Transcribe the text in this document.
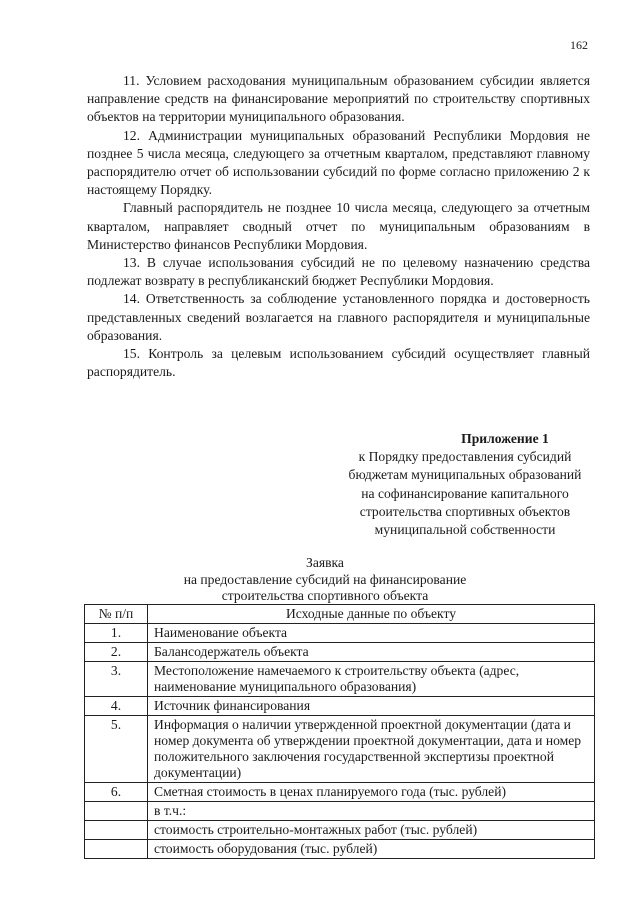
162

11. Условием расходования муниципальным образованием субсидии является направление средств на финансирование мероприятий по строительству спортивных объектов на территории муниципального образования.

12. Администрации муниципальных образований Республики Мордовия не позднее 5 числа месяца, следующего за отчетным кварталом, представляют главному распорядителю отчет об использовании субсидий по форме согласно приложению 2 к настоящему Порядку.

Главный распорядитель не позднее 10 числа месяца, следующего за отчетным кварталом, направляет сводный отчет по муниципальным образованиям в Министерство финансов Республики Мордовия.

13. В случае использования субсидий не по целевому назначению средства подлежат возврату в республиканский бюджет Республики Мордовия.

14. Ответственность за соблюдение установленного порядка и достоверность представленных сведений возлагается на главного распорядителя и муниципальные образования.

15. Контроль за целевым использованием субсидий осуществляет главный распорядитель.

Приложение 1
к Порядку предоставления субсидий
бюджетам муниципальных образований
на софинансирование капитального
строительства спортивных объектов
муниципальной собственности
Заявка
на предоставление субсидий на финансирование
строительства спортивного объекта
№ п/п	Исходные данные по объекту
1.	Наименование объекта
2.	Балансодержатель объекта
3.	Местоположение намечаемого к строительству объекта (адрес, наименование муниципального образования)
4.	Источник финансирования
5.	Информация о наличии утвержденной проектной документации (дата и номер документа об утверждении проектной документации, дата и номер положительного заключения государственной экспертизы проектной документации)
6.	Сметная стоимость в ценах планируемого года (тыс. рублей)
	в т.ч.:
	стоимость строительно-монтажных работ (тыс. рублей)
	стоимость оборудования (тыс. рублей)
